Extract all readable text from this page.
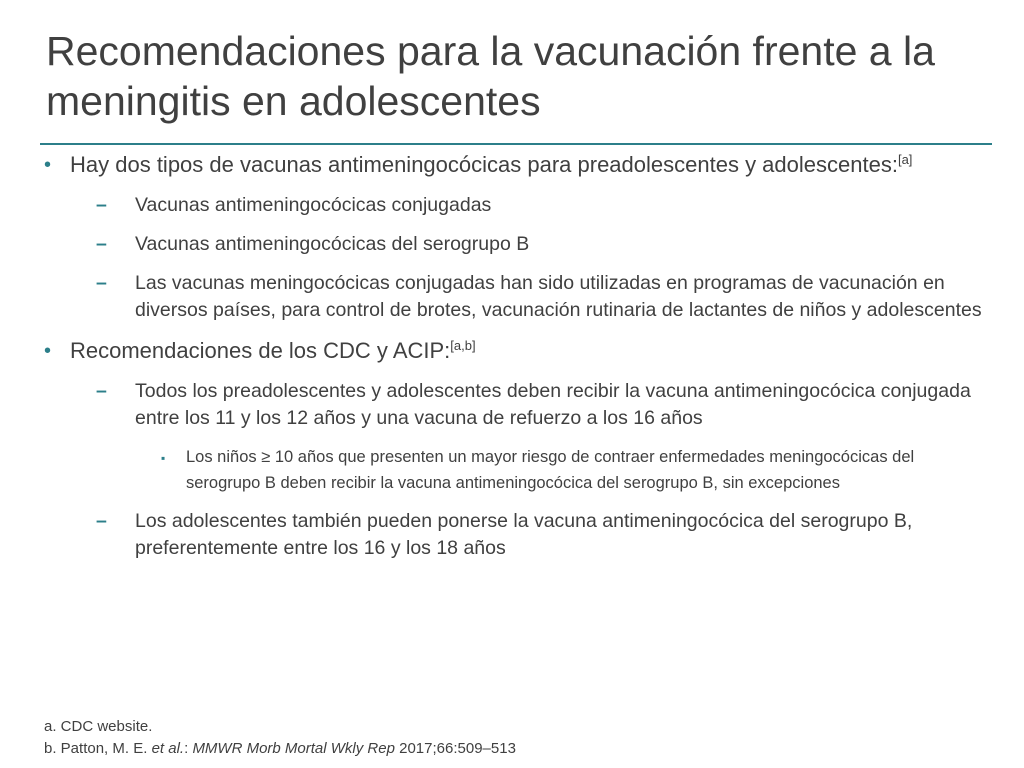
Recomendaciones para la vacunación frente a la meningitis en adolescentes
• Hay dos tipos de vacunas antimeningocócicas para preadolescentes y adolescentes:[a]
– Vacunas antimeningocócicas conjugadas
– Vacunas antimeningocócicas del serogrupo B
– Las vacunas meningocócicas conjugadas han sido utilizadas en programas de vacunación en diversos países, para control de brotes, vacunación rutinaria de lactantes de niños y adolescentes
• Recomendaciones de los CDC y ACIP:[a,b]
– Todos los preadolescentes y adolescentes deben recibir la vacuna antimeningocócica conjugada entre los 11 y los 12 años y una vacuna de refuerzo a los 16 años
▪ Los niños ≥ 10 años que presenten un mayor riesgo de contraer enfermedades meningocócicas del serogrupo B deben recibir la vacuna antimeningocócica del serogrupo B, sin excepciones
– Los adolescentes también pueden ponerse la vacuna antimeningocócica del serogrupo B, preferentemente entre los 16 y los 18 años
a. CDC website.
b. Patton, M. E. et al.: MMWR Morb Mortal Wkly Rep 2017;66:509–513
